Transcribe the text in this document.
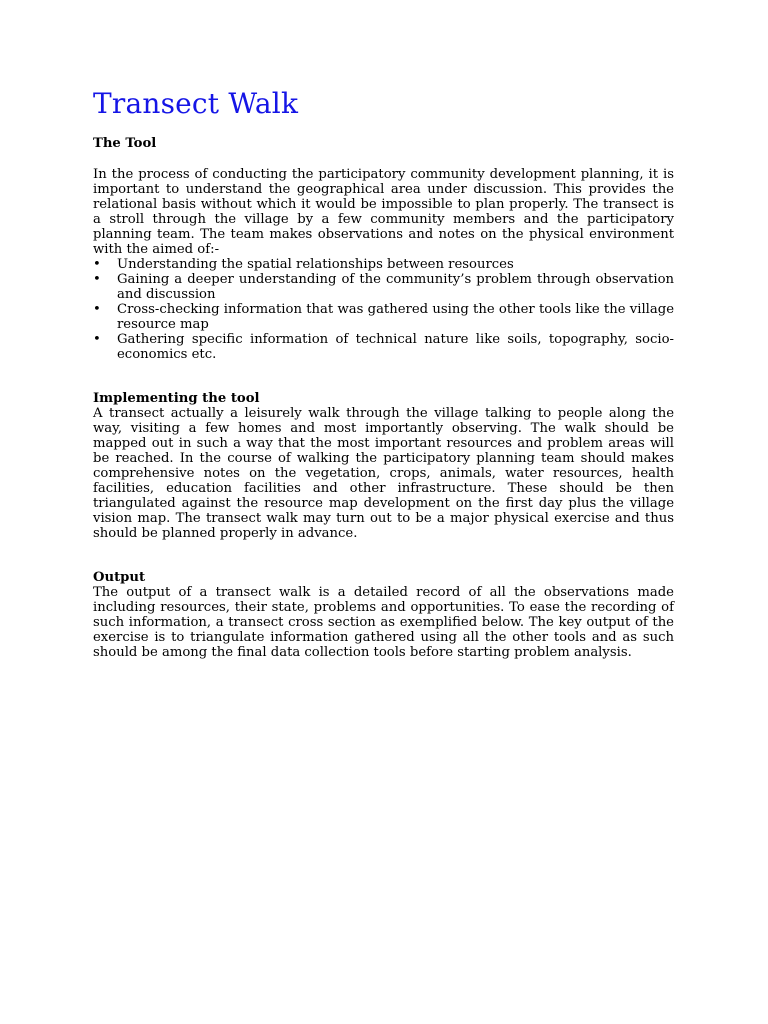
Transect Walk

The Tool

In the process of conducting the participatory community development planning, it is important to understand the geographical area under discussion. This provides the relational basis without which it would be impossible to plan properly. The transect is a stroll through the village by a few community members and the participatory planning team. The team makes observations and notes on the physical environment with the aimed of:-

•	Understanding the spatial relationships between resources
•	Gaining a deeper understanding of the community’s problem through observation and discussion
•	Cross-checking information that was gathered using the other tools like the village resource map
•	Gathering specific information of technical nature like soils, topography, socio-economics etc.

Implementing the tool

A transect actually a leisurely walk through the village talking to people along the way, visiting a few homes and most importantly observing. The walk should be mapped out in such a way that the most important resources and problem areas will be reached. In the course of walking the participatory planning team should makes comprehensive notes on the vegetation, crops, animals, water resources, health facilities, education facilities and other infrastructure. These should be then triangulated against the resource map development on the first day plus the village vision map. The transect walk may turn out to be a major physical exercise and thus should be planned properly in advance.

Output

The output of a transect walk is a detailed record of all the observations made including resources, their state, problems and opportunities. To ease the recording of such information, a transect cross section as exemplified below. The key output of the exercise is to triangulate information gathered using all the other tools and as such should be among the final data collection tools before starting problem analysis.
